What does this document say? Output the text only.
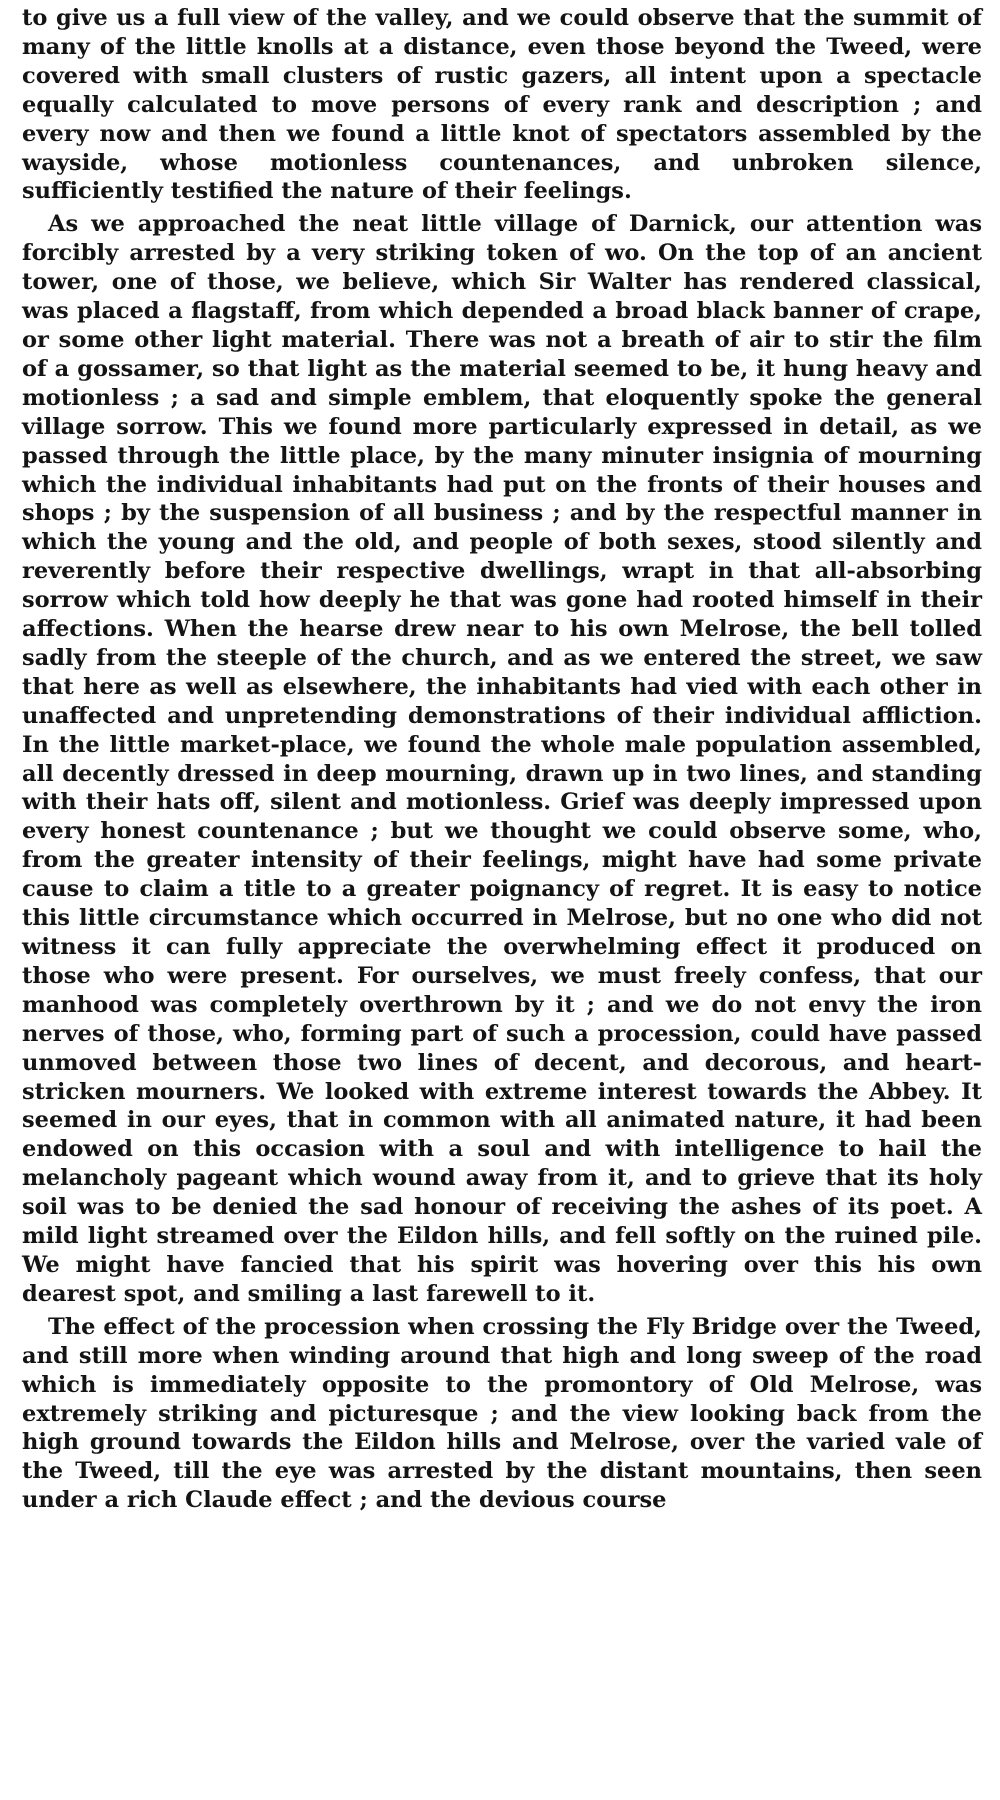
to give us a full view of the valley, and we could observe that the summit of many of the little knolls at a distance, even those beyond the Tweed, were covered with small clusters of rustic gazers, all intent upon a spectacle equally calculated to move persons of every rank and description ; and every now and then we found a little knot of spectators assembled by the wayside, whose motionless countenances, and unbroken silence, sufficiently testified the nature of their feelings.

As we approached the neat little village of Darnick, our attention was forcibly arrested by a very striking token of wo. On the top of an ancient tower, one of those, we believe, which Sir Walter has rendered classical, was placed a flagstaff, from which depended a broad black banner of crape, or some other light material. There was not a breath of air to stir the film of a gossamer, so that light as the material seemed to be, it hung heavy and motionless ; a sad and simple emblem, that eloquently spoke the general village sorrow. This we found more particularly expressed in detail, as we passed through the little place, by the many minuter insignia of mourning which the individual inhabitants had put on the fronts of their houses and shops ; by the suspension of all business ; and by the respectful manner in which the young and the old, and people of both sexes, stood silently and reverently before their respective dwellings, wrapt in that all-absorbing sorrow which told how deeply he that was gone had rooted himself in their affections. When the hearse drew near to his own Melrose, the bell tolled sadly from the steeple of the church, and as we entered the street, we saw that here as well as elsewhere, the inhabitants had vied with each other in unaffected and unpretending demonstrations of their individual affliction. In the little market-place, we found the whole male population assembled, all decently dressed in deep mourning, drawn up in two lines, and standing with their hats off, silent and motionless. Grief was deeply impressed upon every honest countenance ; but we thought we could observe some, who, from the greater intensity of their feelings, might have had some private cause to claim a title to a greater poignancy of regret. It is easy to notice this little circumstance which occurred in Melrose, but no one who did not witness it can fully appreciate the overwhelming effect it produced on those who were present. For ourselves, we must freely confess, that our manhood was completely overthrown by it ; and we do not envy the iron nerves of those, who, forming part of such a procession, could have passed unmoved between those two lines of decent, and decorous, and heart-stricken mourners. We looked with extreme interest towards the Abbey. It seemed in our eyes, that in common with all animated nature, it had been endowed on this occasion with a soul and with intelligence to hail the melancholy pageant which wound away from it, and to grieve that its holy soil was to be denied the sad honour of receiving the ashes of its poet. A mild light streamed over the Eildon hills, and fell softly on the ruined pile. We might have fancied that his spirit was hovering over this his own dearest spot, and smiling a last farewell to it.

The effect of the procession when crossing the Fly Bridge over the Tweed, and still more when winding around that high and long sweep of the road which is immediately opposite to the promontory of Old Melrose, was extremely striking and picturesque ; and the view looking back from the high ground towards the Eildon hills and Melrose, over the varied vale of the Tweed, till the eye was arrested by the distant mountains, then seen under a rich Claude effect ; and the devious course
